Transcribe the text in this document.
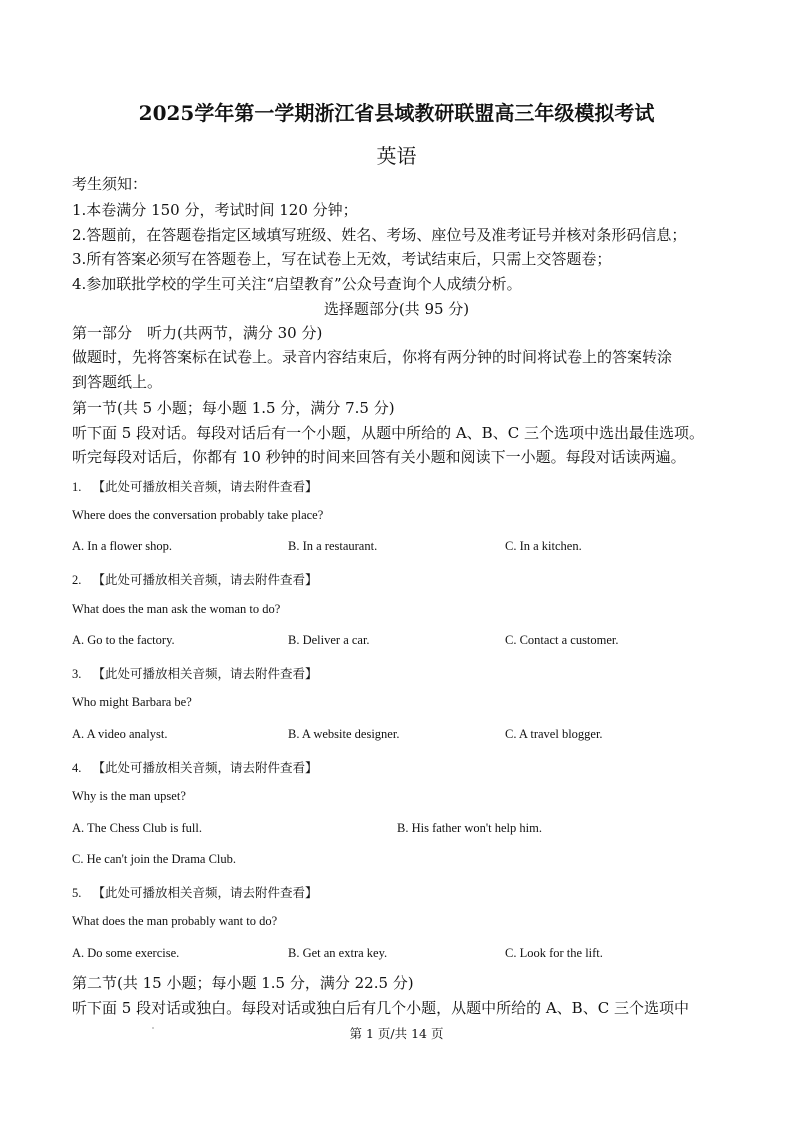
2025学年第一学期浙江省县域教研联盟高三年级模拟考试
英语
考生须知：
1.本卷满分 150 分，考试时间 120 分钟；
2.答题前，在答题卷指定区域填写班级、姓名、考场、座位号及准考证号并核对条形码信息；
3.所有答案必须写在答题卷上，写在试卷上无效，考试结束后，只需上交答题卷；
4.参加联批学校的学生可关注“启望教育”公众号查询个人成绩分析。
选择题部分(共 95 分)
第一部分　听力(共两节，满分 30 分)
做题时，先将答案标在试卷上。录音内容结束后，你将有两分钟的时间将试卷上的答案转涂
到答题纸上。
第一节(共 5 小题；每小题 1.5 分，满分 7.5 分)
听下面 5 段对话。每段对话后有一个小题，从题中所给的 A、B、C 三个选项中选出最佳选项。
听完每段对话后，你都有 10 秒钟的时间来回答有关小题和阅读下一小题。每段对话读两遍。
1. 【此处可播放相关音频，请去附件查看】
Where does the conversation probably take place?
A. In a flower shop.	B. In a restaurant.	C. In a kitchen.
2. 【此处可播放相关音频，请去附件查看】
What does the man ask the woman to do?
A. Go to the factory.	B. Deliver a car.	C. Contact a customer.
3. 【此处可播放相关音频，请去附件查看】
Who might Barbara be?
A. A video analyst.	B. A website designer.	C. A travel blogger.
4. 【此处可播放相关音频，请去附件查看】
Why is the man upset?
A. The Chess Club is full.	B. His father won't help him.
C. He can't join the Drama Club.
5. 【此处可播放相关音频，请去附件查看】
What does the man probably want to do?
A. Do some exercise.	B. Get an extra key.	C. Look for the lift.
第二节(共 15 小题；每小题 1.5 分，满分 22.5 分)
听下面 5 段对话或独白。每段对话或独白后有几个小题，从题中所给的 A、B、C 三个选项中
第 1 页/共 14 页
